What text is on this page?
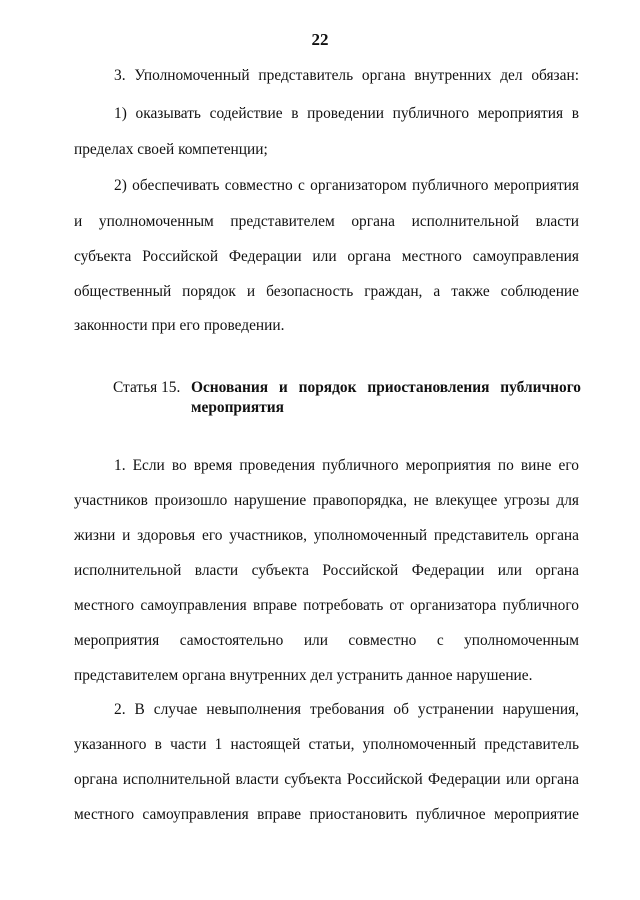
22
3. Уполномоченный представитель органа внутренних дел обязан:
1) оказывать содействие в проведении публичного мероприятия в
пределах своей компетенции;
2) обеспечивать совместно с организатором публичного мероприятия
и уполномоченным представителем органа исполнительной власти
субъекта Российской Федерации или органа местного самоуправления
общественный порядок и безопасность граждан, а также соблюдение
законности при его проведении.
Статья 15. Основания и порядок приостановления публичного
мероприятия
1. Если во время проведения публичного мероприятия по вине его
участников произошло нарушение правопорядка, не влекущее угрозы для
жизни и здоровья его участников, уполномоченный представитель органа
исполнительной власти субъекта Российской Федерации или органа
местного самоуправления вправе потребовать от организатора публичного
мероприятия самостоятельно или совместно с уполномоченным
представителем органа внутренних дел устранить данное нарушение.
2. В случае невыполнения требования об устранении нарушения,
указанного в части 1 настоящей статьи, уполномоченный представитель
органа исполнительной власти субъекта Российской Федерации или органа
местного самоуправления вправе приостановить публичное мероприятие
